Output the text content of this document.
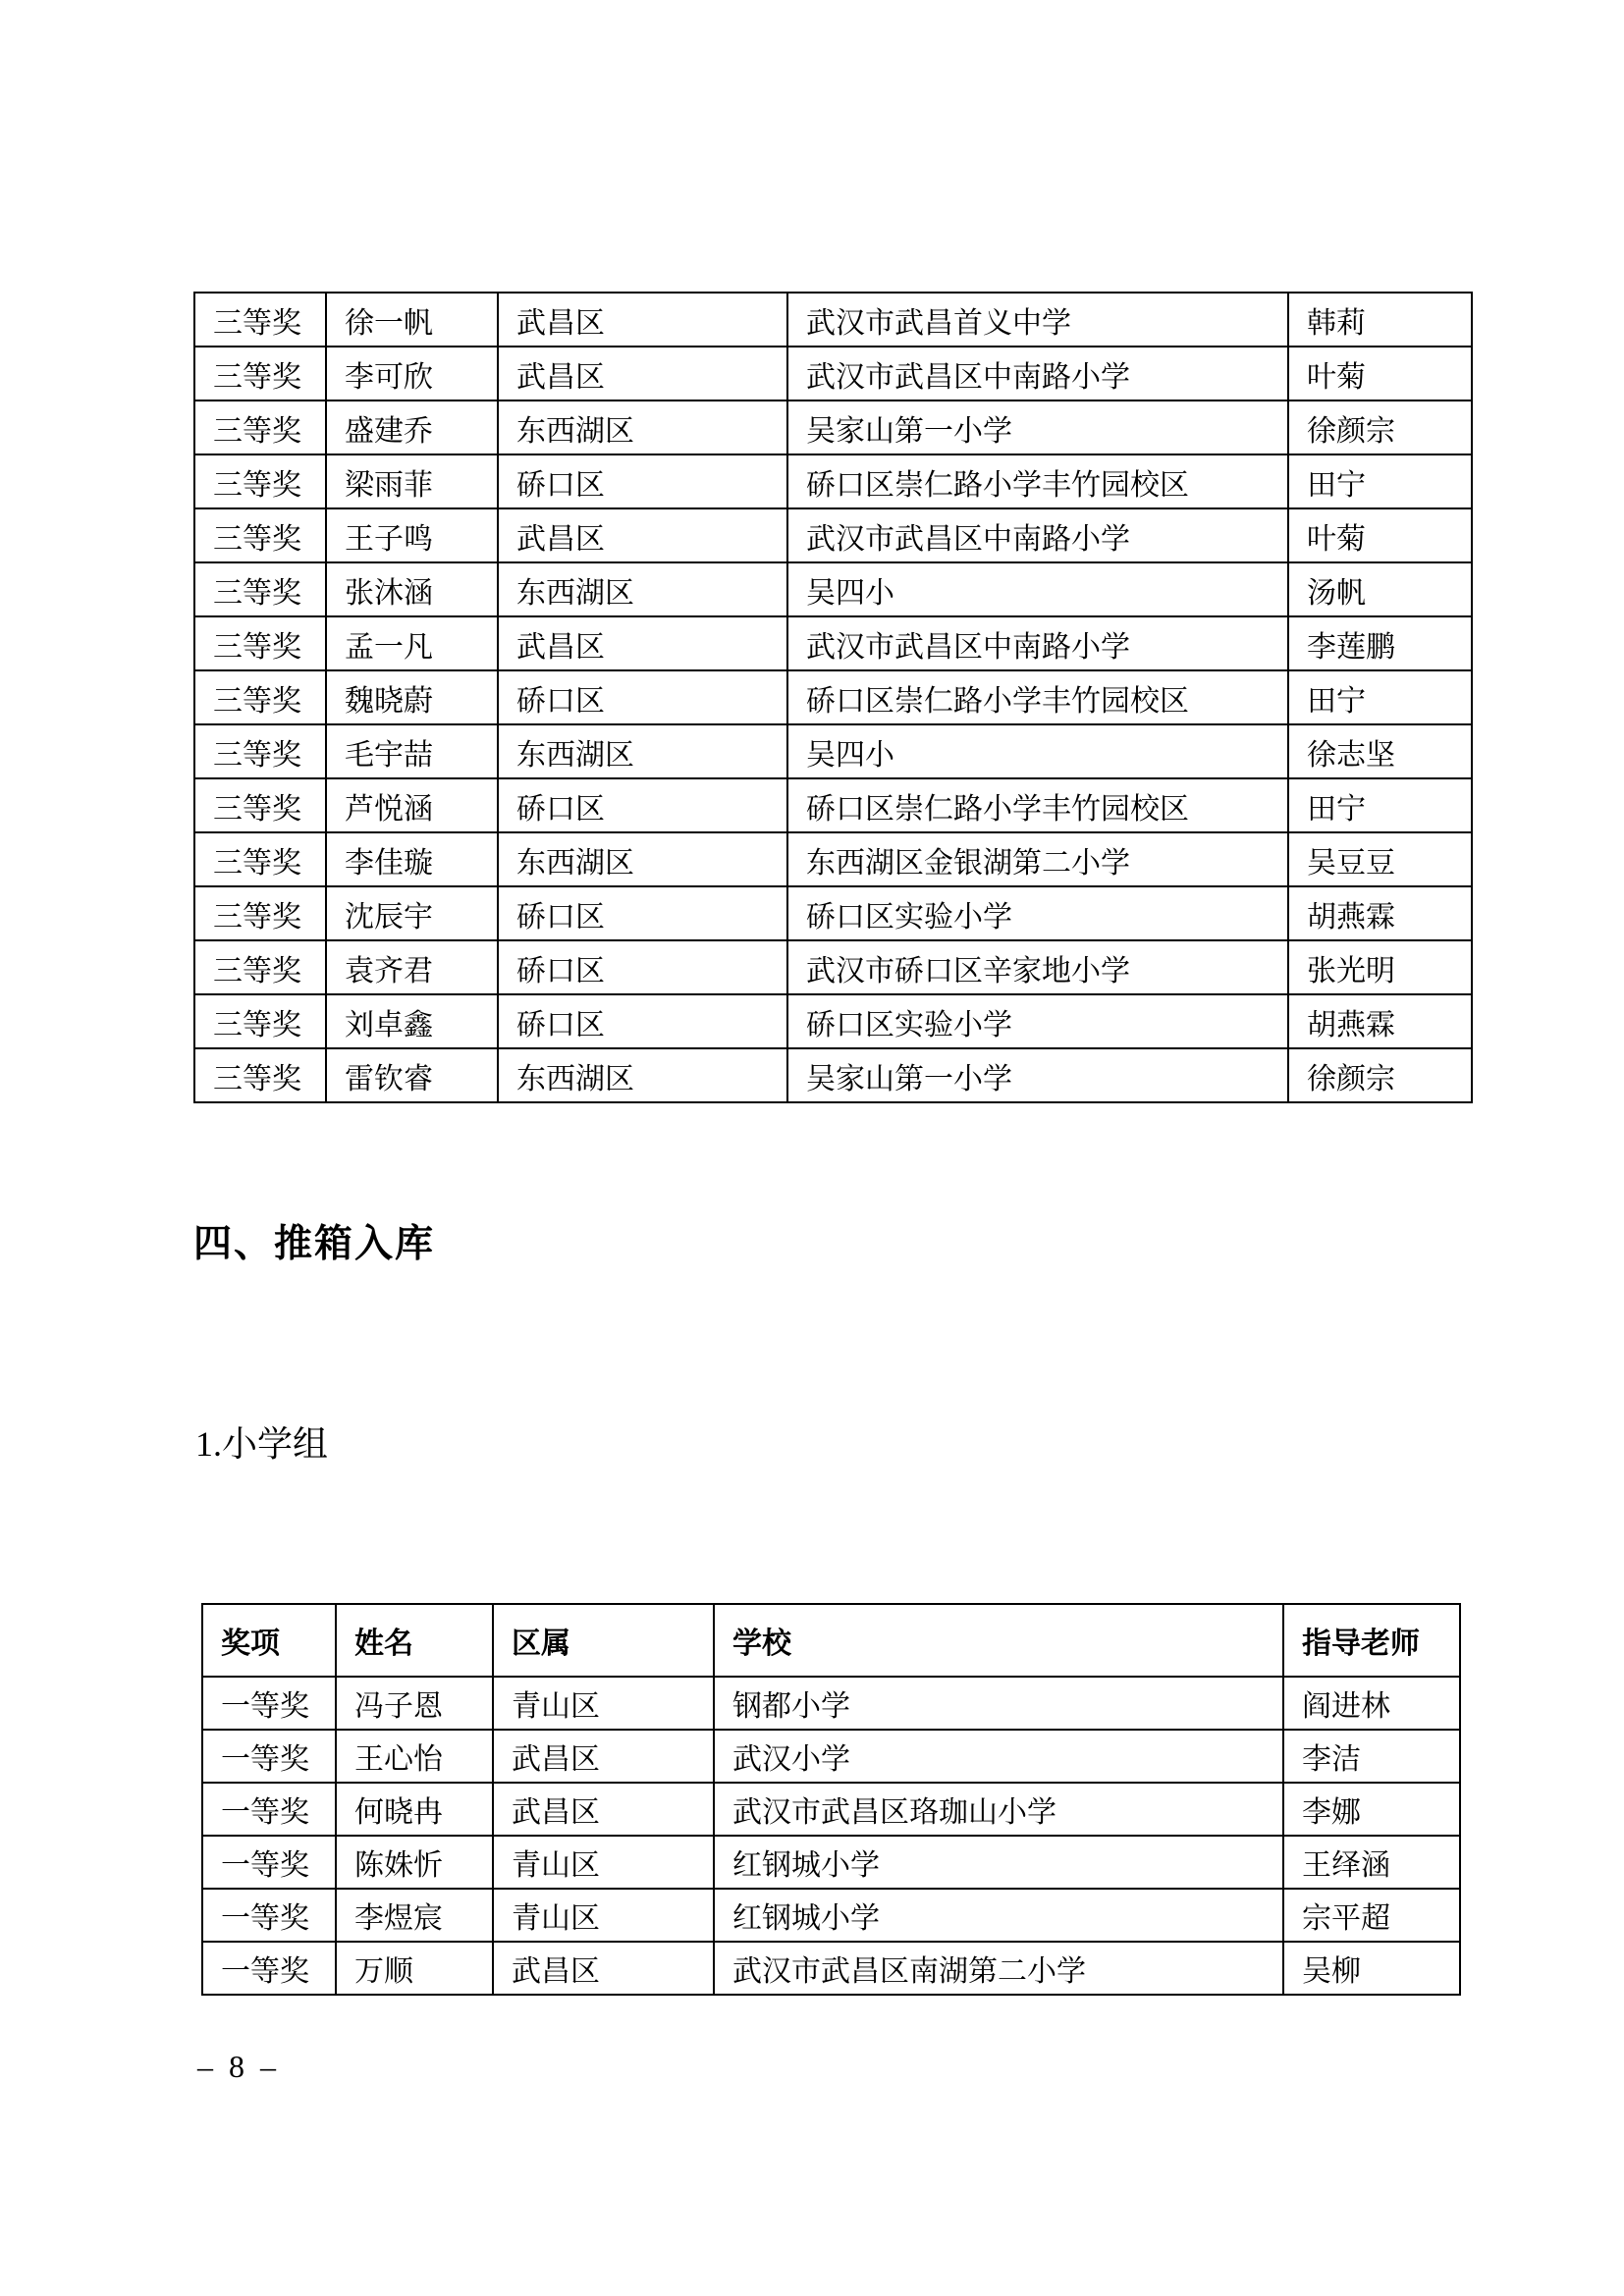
三等奖	徐一帆	武昌区	武汉市武昌首义中学	韩莉
三等奖	李可欣	武昌区	武汉市武昌区中南路小学	叶菊
三等奖	盛建乔	东西湖区	吴家山第一小学	徐颜宗
三等奖	梁雨菲	硚口区	硚口区崇仁路小学丰竹园校区	田宁
三等奖	王子鸣	武昌区	武汉市武昌区中南路小学	叶菊
三等奖	张沐涵	东西湖区	吴四小	汤帆
三等奖	孟一凡	武昌区	武汉市武昌区中南路小学	李莲鹏
三等奖	魏晓蔚	硚口区	硚口区崇仁路小学丰竹园校区	田宁
三等奖	毛宇喆	东西湖区	吴四小	徐志坚
三等奖	芦悦涵	硚口区	硚口区崇仁路小学丰竹园校区	田宁
三等奖	李佳璇	东西湖区	东西湖区金银湖第二小学	吴豆豆
三等奖	沈辰宇	硚口区	硚口区实验小学	胡燕霖
三等奖	袁齐君	硚口区	武汉市硚口区辛家地小学	张光明
三等奖	刘卓鑫	硚口区	硚口区实验小学	胡燕霖
三等奖	雷钦睿	东西湖区	吴家山第一小学	徐颜宗
四、推箱入库
1.小学组
奖项	姓名	区属	学校	指导老师
一等奖	冯子恩	青山区	钢都小学	阎进林
一等奖	王心怡	武昌区	武汉小学	李洁
一等奖	何晓冉	武昌区	武汉市武昌区珞珈山小学	李娜
一等奖	陈姝忻	青山区	红钢城小学	王绎涵
一等奖	李煜宸	青山区	红钢城小学	宗平超
一等奖	万顺	武昌区	武汉市武昌区南湖第二小学	吴柳
– 8 –
